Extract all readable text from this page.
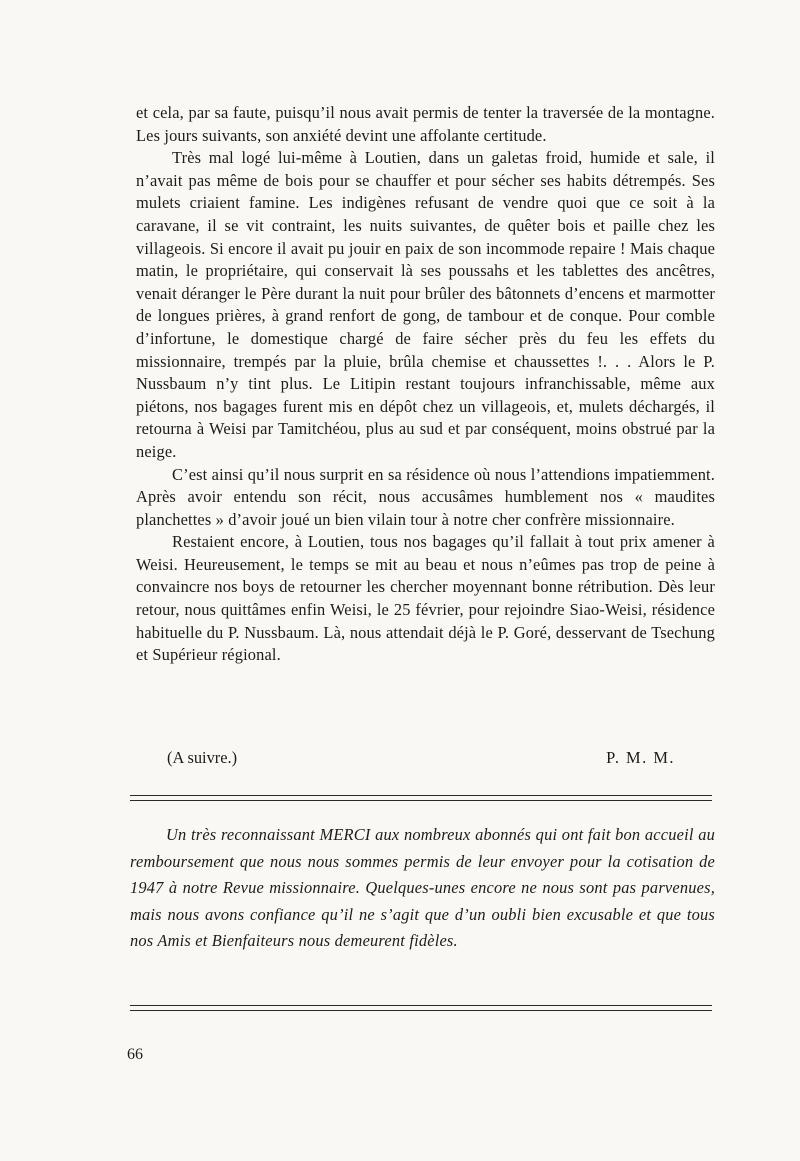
et cela, par sa faute, puisqu’il nous avait permis de tenter la traversée de la montagne. Les jours suivants, son anxiété devint une affolante certitude.

Très mal logé lui-même à Loutien, dans un galetas froid, humide et sale, il n’avait pas même de bois pour se chauffer et pour sécher ses habits détrempés. Ses mulets criaient famine. Les indigènes refusant de vendre quoi que ce soit à la caravane, il se vit contraint, les nuits suivantes, de quêter bois et paille chez les villageois. Si encore il avait pu jouir en paix de son incommode repaire ! Mais chaque matin, le propriétaire, qui conservait là ses poussahs et les tablettes des ancêtres, venait déranger le Père durant la nuit pour brûler des bâtonnets d’encens et marmotter de longues prières, à grand renfort de gong, de tambour et de conque. Pour comble d’infortune, le domestique chargé de faire sécher près du feu les effets du missionnaire, trempés par la pluie, brûla chemise et chaussettes !. . . Alors le P. Nussbaum n’y tint plus. Le Litipin restant toujours infranchissable, même aux piétons, nos bagages furent mis en dépôt chez un villageois, et, mulets déchargés, il retourna à Weisi par Tamitchéou, plus au sud et par conséquent, moins obstrué par la neige.

C’est ainsi qu’il nous surprit en sa résidence où nous l’attendions impatiemment. Après avoir entendu son récit, nous accusâmes humblement nos « maudites planchettes » d’avoir joué un bien vilain tour à notre cher confrère missionnaire.

Restaient encore, à Loutien, tous nos bagages qu’il fallait à tout prix amener à Weisi. Heureusement, le temps se mit au beau et nous n’eûmes pas trop de peine à convaincre nos boys de retourner les chercher moyennant bonne rétribution. Dès leur retour, nous quittâmes enfin Weisi, le 25 février, pour rejoindre Siao-Weisi, résidence habituelle du P. Nussbaum. Là, nous attendait déjà le P. Goré, desservant de Tsechung et Supérieur régional.

(A suivre.)	P. M. M.

Un très reconnaissant MERCI aux nombreux abonnés qui ont fait bon accueil au remboursement que nous nous sommes permis de leur envoyer pour la cotisation de 1947 à notre Revue missionnaire. Quelques-unes encore ne nous sont pas parvenues, mais nous avons confiance qu’il ne s’agit que d’un oubli bien excusable et que tous nos Amis et Bienfaiteurs nous demeurent fidèles.

66
